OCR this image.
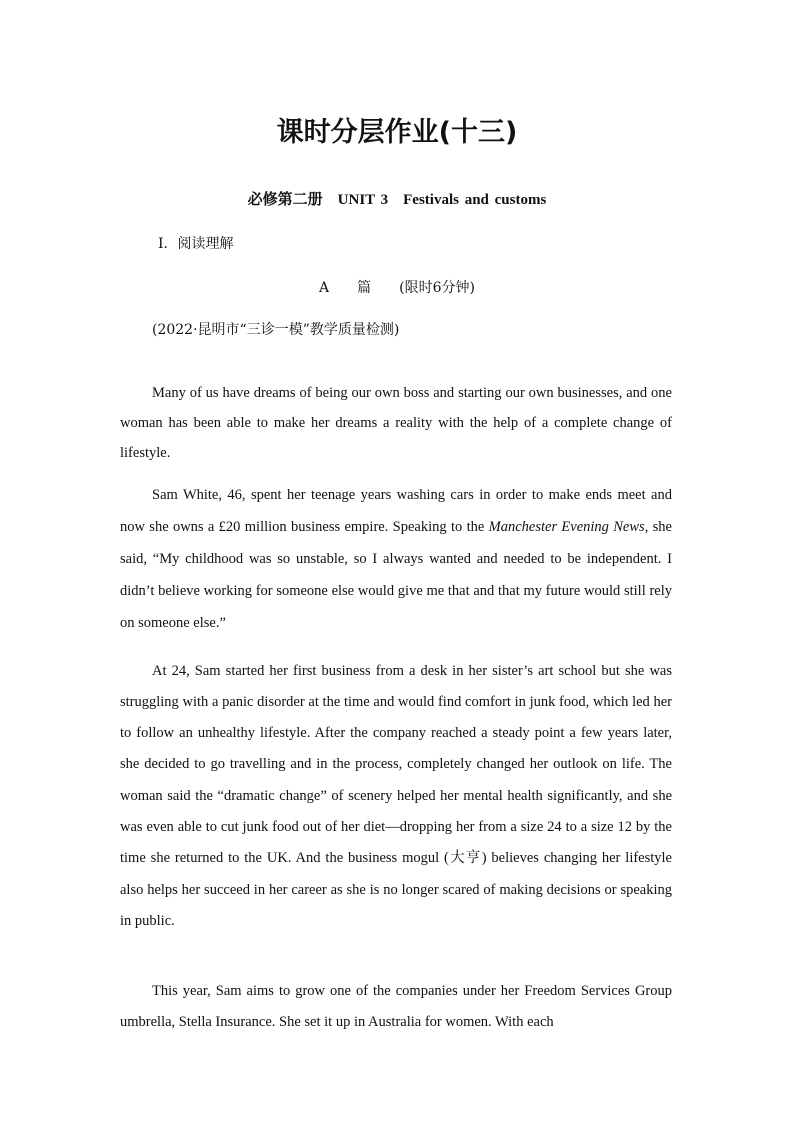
课时分层作业(十三)
必修第二册　UNIT 3　Festivals and customs
Ⅰ．阅读理解
A　　篇　　(限时6分钟)
(2022·昆明市“三诊一模”教学质量检测)

Many of us have dreams of being our own boss and starting our own businesses, and one woman has been able to make her dreams a reality with the help of a complete change of lifestyle.

Sam White, 46, spent her teenage years washing cars in order to make ends meet and now she owns a £20 million business empire. Speaking to the Manchester Evening News, she said, “My childhood was so unstable, so I always wanted and needed to be independent. I didn’t believe working for someone else would give me that and that my future would still rely on someone else.”

At 24, Sam started her first business from a desk in her sister’s art school but she was struggling with a panic disorder at the time and would find comfort in junk food, which led her to follow an unhealthy lifestyle. After the company reached a steady point a few years later, she decided to go travelling and in the process, completely changed her outlook on life. The woman said the “dramatic change” of scenery helped her mental health significantly, and she was even able to cut junk food out of her diet—dropping her from a size 24 to a size 12 by the time she returned to the UK. And the business mogul (大亨) believes changing her lifestyle also helps her succeed in her career as she is no longer scared of making decisions or speaking in public.

This year, Sam aims to grow one of the companies under her Freedom Services Group umbrella, Stella Insurance. She set it up in Australia for women. With each
